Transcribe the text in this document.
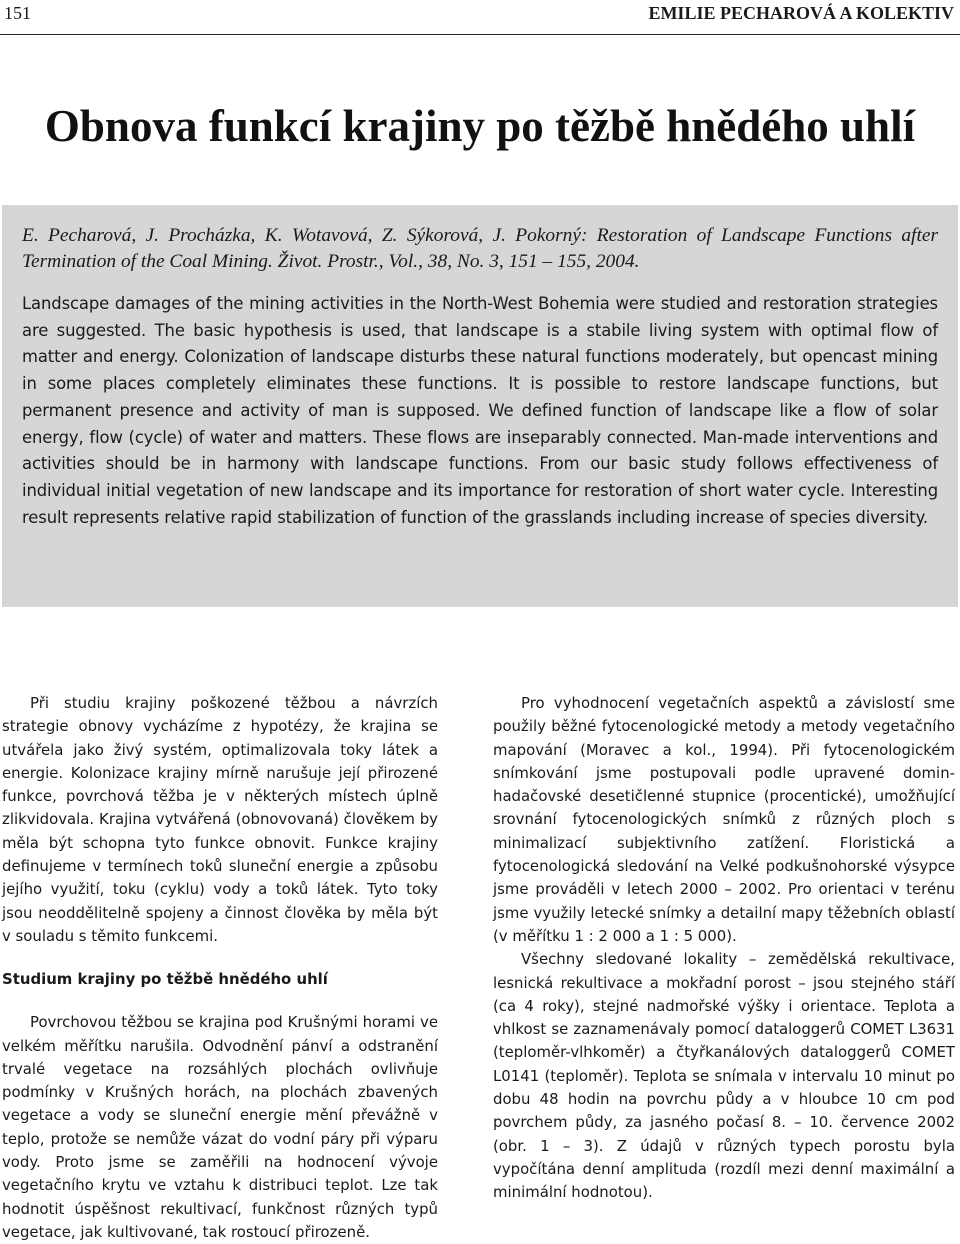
151	EMILIE PECHAROVÁ A KOLEKTIV
Obnova funkcí krajiny po těžbě hnědého uhlí

E. Pecharová, J. Procházka, K. Wotavová, Z. Sýkorová, J. Pokorný: Restoration of Landscape Functions after Termination of the Coal Mining. Život. Prostr., Vol., 38, No. 3, 151 – 155, 2004.

Landscape damages of the mining activities in the North-West Bohemia were studied and restoration strategies are suggested. The basic hypothesis is used, that landscape is a stabile living system with optimal flow of matter and energy. Colonization of landscape disturbs these natural functions moderately, but opencast mining in some places completely eliminates these functions. It is possible to restore landscape functions, but permanent presence and activity of man is supposed. We defined function of landscape like a flow of solar energy, flow (cycle) of water and matters. These flows are inseparably connected. Man-made interventions and activities should be in harmony with landscape functions. From our basic study follows effectiveness of individual initial vegetation of new landscape and its importance for restoration of short water cycle. Interesting result represents relative rapid stabilization of function of the grasslands including increase of species diversity.

Při studiu krajiny poškozené těžbou a návrzích strategie obnovy vycházíme z hypotézy, že krajina se utvářela jako živý systém, optimalizovala toky látek a energie. Kolonizace krajiny mírně narušuje její přirozené funkce, povrchová těžba je v některých místech úplně zlikvidovala. Krajina vytvářená (obnovovaná) člověkem by měla být schopna tyto funkce obnovit. Funkce krajiny definujeme v termínech toků sluneční energie a způsobu jejího využití, toku (cyklu) vody a toků látek. Tyto toky jsou neoddělitelně spojeny a činnost člověka by měla být v souladu s těmito funkcemi.

Studium krajiny po těžbě hnědého uhlí

Povrchovou těžbou se krajina pod Krušnými horami ve velkém měřítku narušila. Odvodnění pánví a odstranění trvalé vegetace na rozsáhlých plochách ovlivňuje podmínky v Krušných horách, na plochách zbavených vegetace a vody se sluneční energie mění převážně v teplo, protože se nemůže vázat do vodní páry při výparu vody. Proto jsme se zaměřili na hodnocení vývoje vegetačního krytu ve vztahu k distribuci teplot. Lze tak hodnotit úspěšnost rekultivací, funkčnost různých typů vegetace, jak kultivované, tak rostoucí přirozeně.

Pro vyhodnocení vegetačních aspektů a závislostí sme použily běžné fytocenologické metody a metody vegetačního mapování (Moravec a kol., 1994). Při fytocenologickém snímkování jsme postupovali podle upravené domin-hadačovské desetičlenné stupnice (procentické), umožňující srovnání fytocenologických snímků z různých ploch s minimalizací subjektivního zatížení. Floristická a fytocenologická sledování na Velké podkušnohorské výsypce jsme prováděli v letech 2000 – 2002. Pro orientaci v terénu jsme využily letecké snímky a detailní mapy těžebních oblastí (v měřítku 1 : 2 000 a 1 : 5 000).

Všechny sledované lokality – zemědělská rekultivace, lesnická rekultivace a mokřadní porost – jsou stejného stáří (ca 4 roky), stejné nadmořské výšky i orientace. Teplota a vhlkost se zaznamenávaly pomocí dataloggerů COMET L3631 (teploměr-vlhkoměr) a čtyřkanálových dataloggerů COMET L0141 (teploměr). Teplota se snímala v intervalu 10 minut po dobu 48 hodin na povrchu půdy a v hloubce 10 cm pod povrchem půdy, za jasného počasí 8. – 10. července 2002 (obr. 1 – 3). Z údajů v různých typech porostu byla vypočítána denní amplituda (rozdíl mezi denní maximální a minimální hodnotou).
